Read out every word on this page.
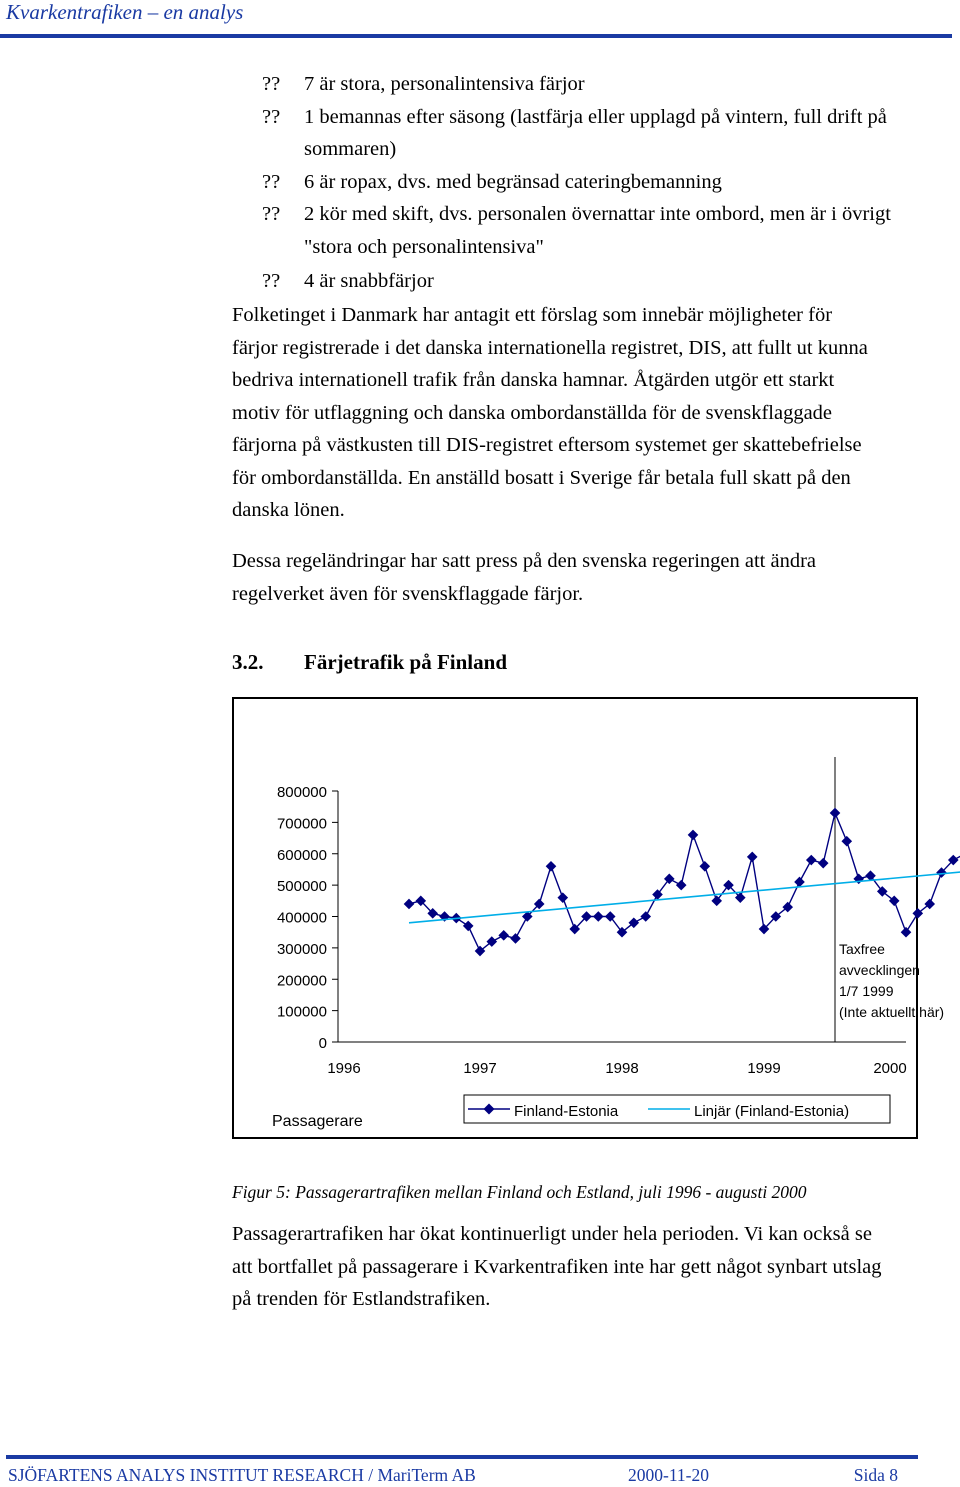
Kvarkentrafiken – en analys
??	7 är stora, personalintensiva färjor
??	1 bemannas efter säsong (lastfärja eller upplagd på vintern, full drift på sommaren)
??	6 är ropax, dvs. med begränsad cateringbemanning
??	2 kör med skift, dvs. personalen övernattar inte ombord, men är i övrigt "stora och personalintensiva"
??	4 är snabbfärjor
Folketinget i Danmark har antagit ett förslag som innebär möjligheter för färjor registrerade i det danska internationella registret, DIS, att fullt ut kunna bedriva internationell trafik från danska hamnar. Åtgärden utgör ett starkt motiv för utflaggning och danska ombordanställda för de svenskflaggade färjorna på västkusten till DIS-registret eftersom systemet ger skattebefrielse för ombordanställda. En anställd bosatt i Sverige får betala full skatt på den danska lönen.
Dessa regeländringar har satt press på den svenska regeringen att ändra regelverket även för svenskflaggade färjor.
3.2. Färjetrafik på Finland
800000
700000
600000
500000
400000
300000
200000
100000
0
1996	1997	1998	1999	2000
Taxfree
avvecklingen
1/7 1999
(Inte aktuellt här)
Passagerare
Finland-Estonia	Linjär (Finland-Estonia)
Figur 5: Passagerartrafiken mellan Finland och Estland, juli 1996 - augusti 2000
Passagerartrafiken har ökat kontinuerligt under hela perioden. Vi kan också se att bortfallet på passagerare i Kvarkentrafiken inte har gett något synbart utslag på trenden för Estlandstrafiken.
SJÖFARTENS ANALYS INSTITUT RESEARCH / MariTerm AB	2000-11-20	Sida 8
